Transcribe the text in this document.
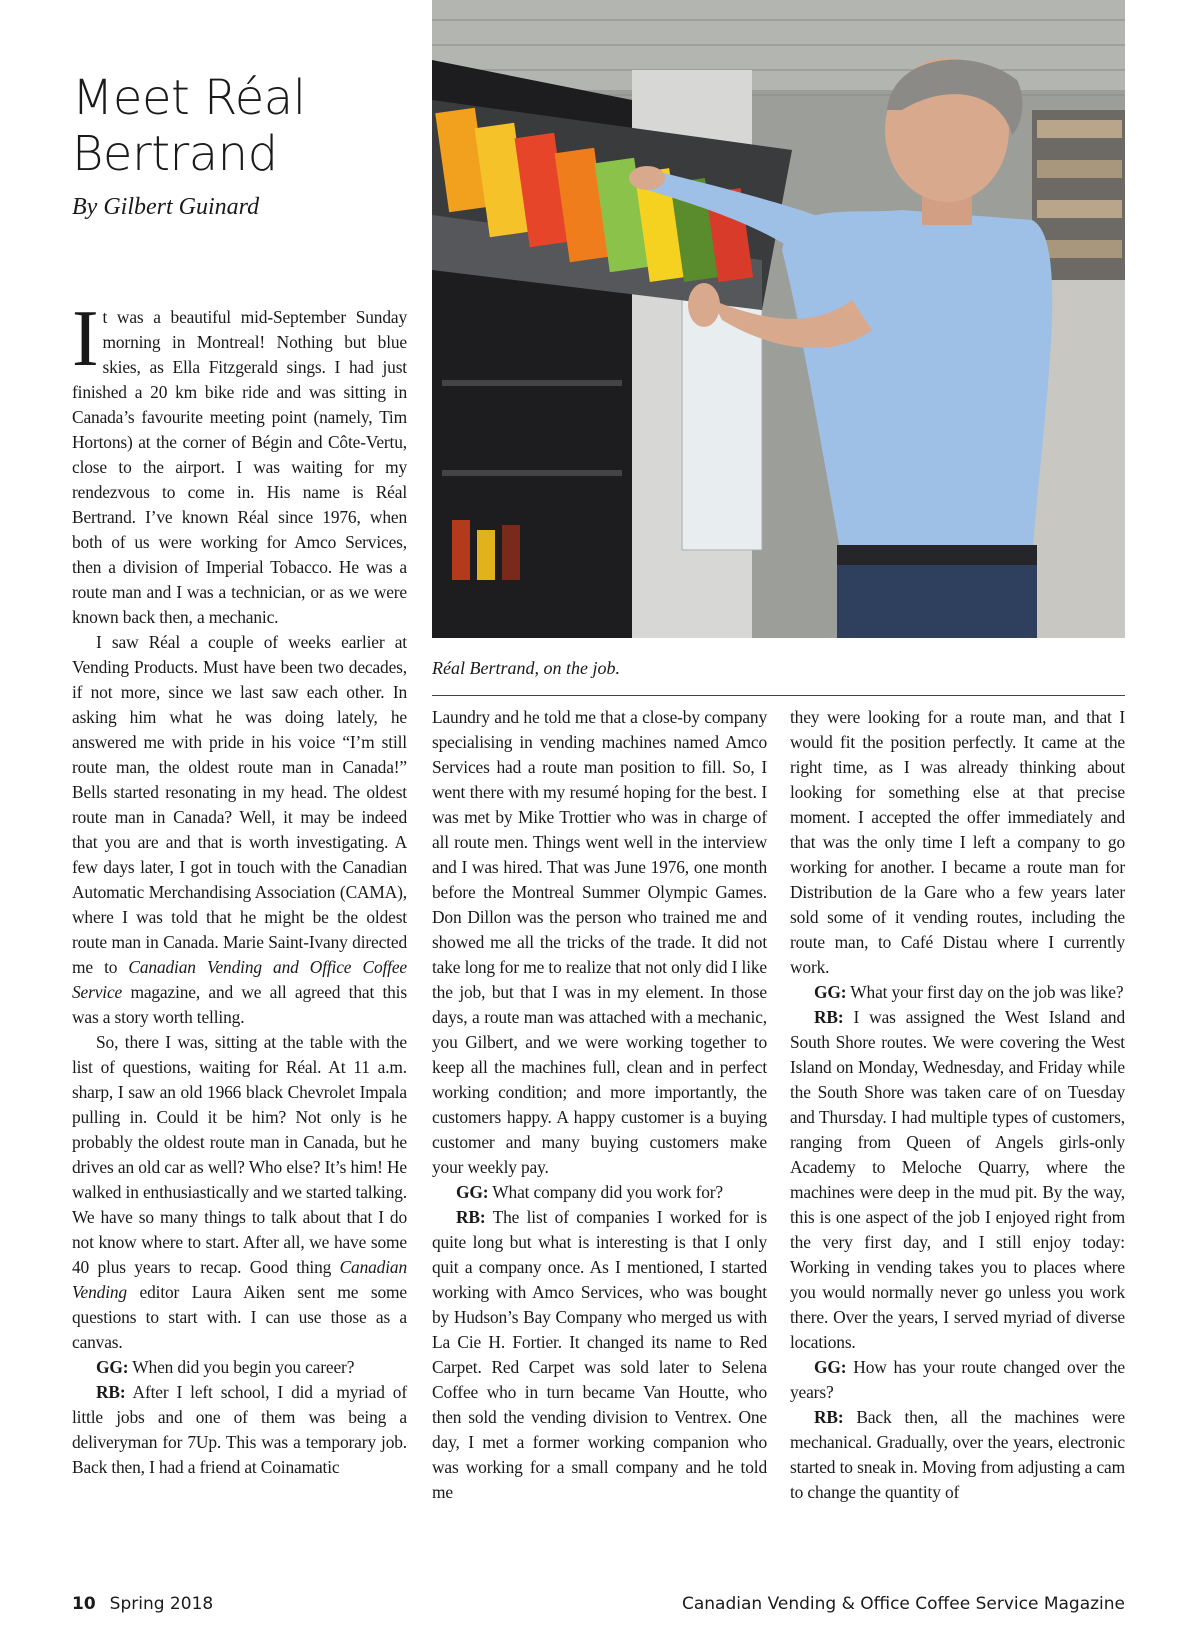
Meet Réal Bertrand
By Gilbert Guinard
Réal Bertrand, on the job.

It was a beautiful mid-September Sunday morning in Montreal! Nothing but blue skies, as Ella Fitzgerald sings. I had just finished a 20 km bike ride and was sitting in Canada’s favourite meeting point (namely, Tim Hortons) at the corner of Bégin and Côte-Vertu, close to the airport. I was waiting for my rendezvous to come in. His name is Réal Bertrand. I’ve known Réal since 1976, when both of us were working for Amco Services, then a division of Imperial Tobacco. He was a route man and I was a technician, or as we were known back then, a mechanic.

I saw Réal a couple of weeks earlier at Vending Products. Must have been two decades, if not more, since we last saw each other. In asking him what he was doing lately, he answered me with pride in his voice “I’m still route man, the oldest route man in Canada!” Bells started resonating in my head. The oldest route man in Canada? Well, it may be indeed that you are and that is worth investigating. A few days later, I got in touch with the Canadian Automatic Merchandising Association (CAMA), where I was told that he might be the oldest route man in Canada. Marie Saint-Ivany directed me to Canadian Vending and Office Coffee Service magazine, and we all agreed that this was a story worth telling.

So, there I was, sitting at the table with the list of questions, waiting for Réal. At 11 a.m. sharp, I saw an old 1966 black Chevrolet Impala pulling in. Could it be him? Not only is he probably the oldest route man in Canada, but he drives an old car as well? Who else? It’s him! He walked in enthusiastically and we started talking. We have so many things to talk about that I do not know where to start. After all, we have some 40 plus years to recap. Good thing Canadian Vending editor Laura Aiken sent me some questions to start with. I can use those as a canvas.

GG: When did you begin you career?

RB: After I left school, I did a myriad of little jobs and one of them was being a deliveryman for 7Up. This was a temporary job. Back then, I had a friend at Coinamatic

Laundry and he told me that a close-by company specialising in vending machines named Amco Services had a route man position to fill. So, I went there with my resumé hoping for the best. I was met by Mike Trottier who was in charge of all route men. Things went well in the interview and I was hired. That was June 1976, one month before the Montreal Summer Olympic Games. Don Dillon was the person who trained me and showed me all the tricks of the trade. It did not take long for me to realize that not only did I like the job, but that I was in my element. In those days, a route man was attached with a mechanic, you Gilbert, and we were working together to keep all the machines full, clean and in perfect working condition; and more importantly, the customers happy. A happy customer is a buying customer and many buying customers make your weekly pay.

GG: What company did you work for?

RB: The list of companies I worked for is quite long but what is interesting is that I only quit a company once. As I mentioned, I started working with Amco Services, who was bought by Hudson’s Bay Company who merged us with La Cie H. Fortier. It changed its name to Red Carpet. Red Carpet was sold later to Selena Coffee who in turn became Van Houtte, who then sold the vending division to Ventrex. One day, I met a former working companion who was working for a small company and he told me

they were looking for a route man, and that I would fit the position perfectly. It came at the right time, as I was already thinking about looking for something else at that precise moment. I accepted the offer immediately and that was the only time I left a company to go working for another. I became a route man for Distribution de la Gare who a few years later sold some of it vending routes, including the route man, to Café Distau where I currently work.

GG: What your first day on the job was like?

RB: I was assigned the West Island and South Shore routes. We were covering the West Island on Monday, Wednesday, and Friday while the South Shore was taken care of on Tuesday and Thursday. I had multiple types of customers, ranging from Queen of Angels girls-only Academy to Meloche Quarry, where the machines were deep in the mud pit. By the way, this is one aspect of the job I enjoyed right from the very first day, and I still enjoy today: Working in vending takes you to places where you would normally never go unless you work there. Over the years, I served myriad of diverse locations.

GG: How has your route changed over the years?

RB: Back then, all the machines were mechanical. Gradually, over the years, electronic started to sneak in. Moving from adjusting a cam to change the quantity of

10 Spring 2018	Canadian Vending & Office Coffee Service Magazine
